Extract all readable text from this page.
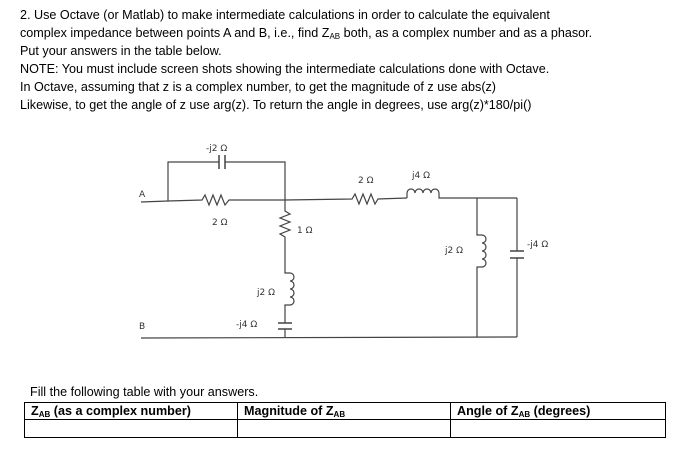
2. Use Octave (or Matlab) to make intermediate calculations in order to calculate the equivalent
complex impedance between points A and B, i.e., find $Z_{AB}$ both, as a complex number and as a phasor.
Put your answers in the table below.
NOTE: You must include screen shots showing the intermediate calculations done with Octave.
In Octave, assuming that z is a complex number, to get the magnitude of z use abs(z)
Likewise, to get the angle of z use arg(z). To return the angle in degrees, use arg(z)*180/pi()
A
B
-j2 Ω
2 Ω
1 Ω
j2 Ω
-j4 Ω
2 Ω	j4 Ω
j2 Ω
-j4 Ω
Fill the following table with your answers.
$Z_{AB}$ (as a complex number)	Magnitude of $Z_{AB}$	Angle of $Z_{AB}$ (degrees)
